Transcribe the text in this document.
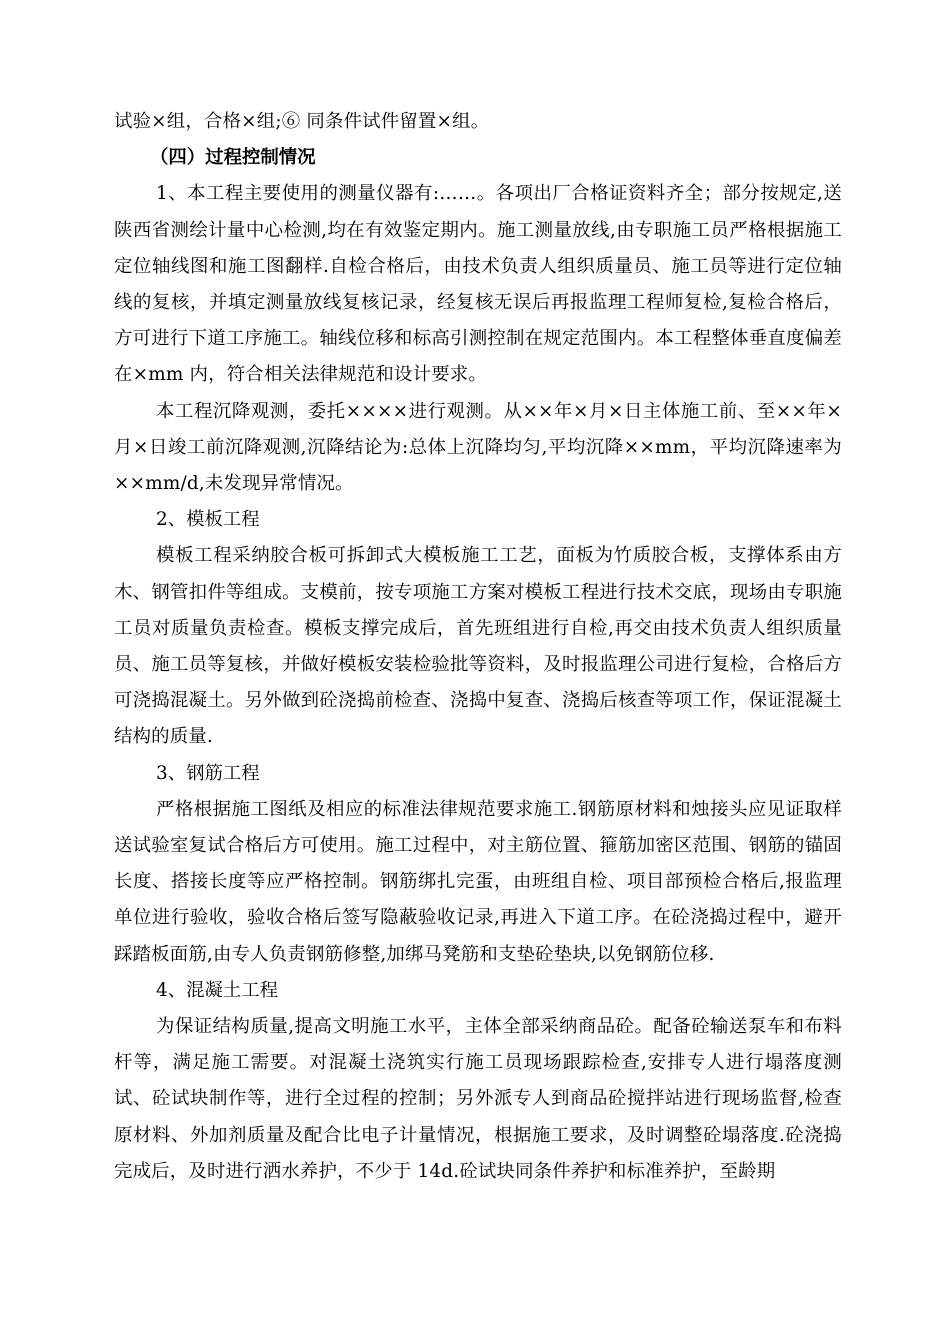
试验×组，合格×组;⑥ 同条件试件留置×组。

（四）过程控制情况

1、本工程主要使用的测量仪器有:……。各项出厂合格证资料齐全；部分按规定,送陕西省测绘计量中心检测,均在有效鉴定期内。施工测量放线,由专职施工员严格根据施工定位轴线图和施工图翻样.自检合格后，由技术负责人组织质量员、施工员等进行定位轴线的复核，并填定测量放线复核记录，经复核无误后再报监理工程师复检,复检合格后，方可进行下道工序施工。轴线位移和标高引测控制在规定范围内。本工程整体垂直度偏差在×mm 内，符合相关法律规范和设计要求。

本工程沉降观测，委托××××进行观测。从××年×月×日主体施工前、至××年×月×日竣工前沉降观测,沉降结论为:总体上沉降均匀,平均沉降××mm，平均沉降速率为××mm/d,未发现异常情况。

2、模板工程

模板工程采纳胶合板可拆卸式大模板施工工艺，面板为竹质胶合板，支撑体系由方木、钢管扣件等组成。支模前，按专项施工方案对模板工程进行技术交底，现场由专职施工员对质量负责检查。模板支撑完成后，首先班组进行自检,再交由技术负责人组织质量员、施工员等复核，并做好模板安装检验批等资料，及时报监理公司进行复检，合格后方可浇捣混凝土。另外做到砼浇捣前检查、浇捣中复查、浇捣后核查等项工作，保证混凝土结构的质量.

3、钢筋工程

严格根据施工图纸及相应的标准法律规范要求施工.钢筋原材料和烛接头应见证取样送试验室复试合格后方可使用。施工过程中，对主筋位置、箍筋加密区范围、钢筋的锚固长度、搭接长度等应严格控制。钢筋绑扎完蛋，由班组自检、项目部预检合格后,报监理单位进行验收，验收合格后签写隐蔽验收记录,再进入下道工序。在砼浇捣过程中，避开踩踏板面筋,由专人负责钢筋修整,加绑马凳筋和支垫砼垫块,以免钢筋位移.

4、混凝土工程

为保证结构质量,提高文明施工水平，主体全部采纳商品砼。配备砼输送泵车和布料杆等，满足施工需要。对混凝土浇筑实行施工员现场跟踪检查,安排专人进行塌落度测试、砼试块制作等，进行全过程的控制；另外派专人到商品砼搅拌站进行现场监督,检查原材料、外加剂质量及配合比电子计量情况，根据施工要求，及时调整砼塌落度.砼浇捣完成后，及时进行洒水养护，不少于 14d.砼试块同条件养护和标准养护，至龄期
